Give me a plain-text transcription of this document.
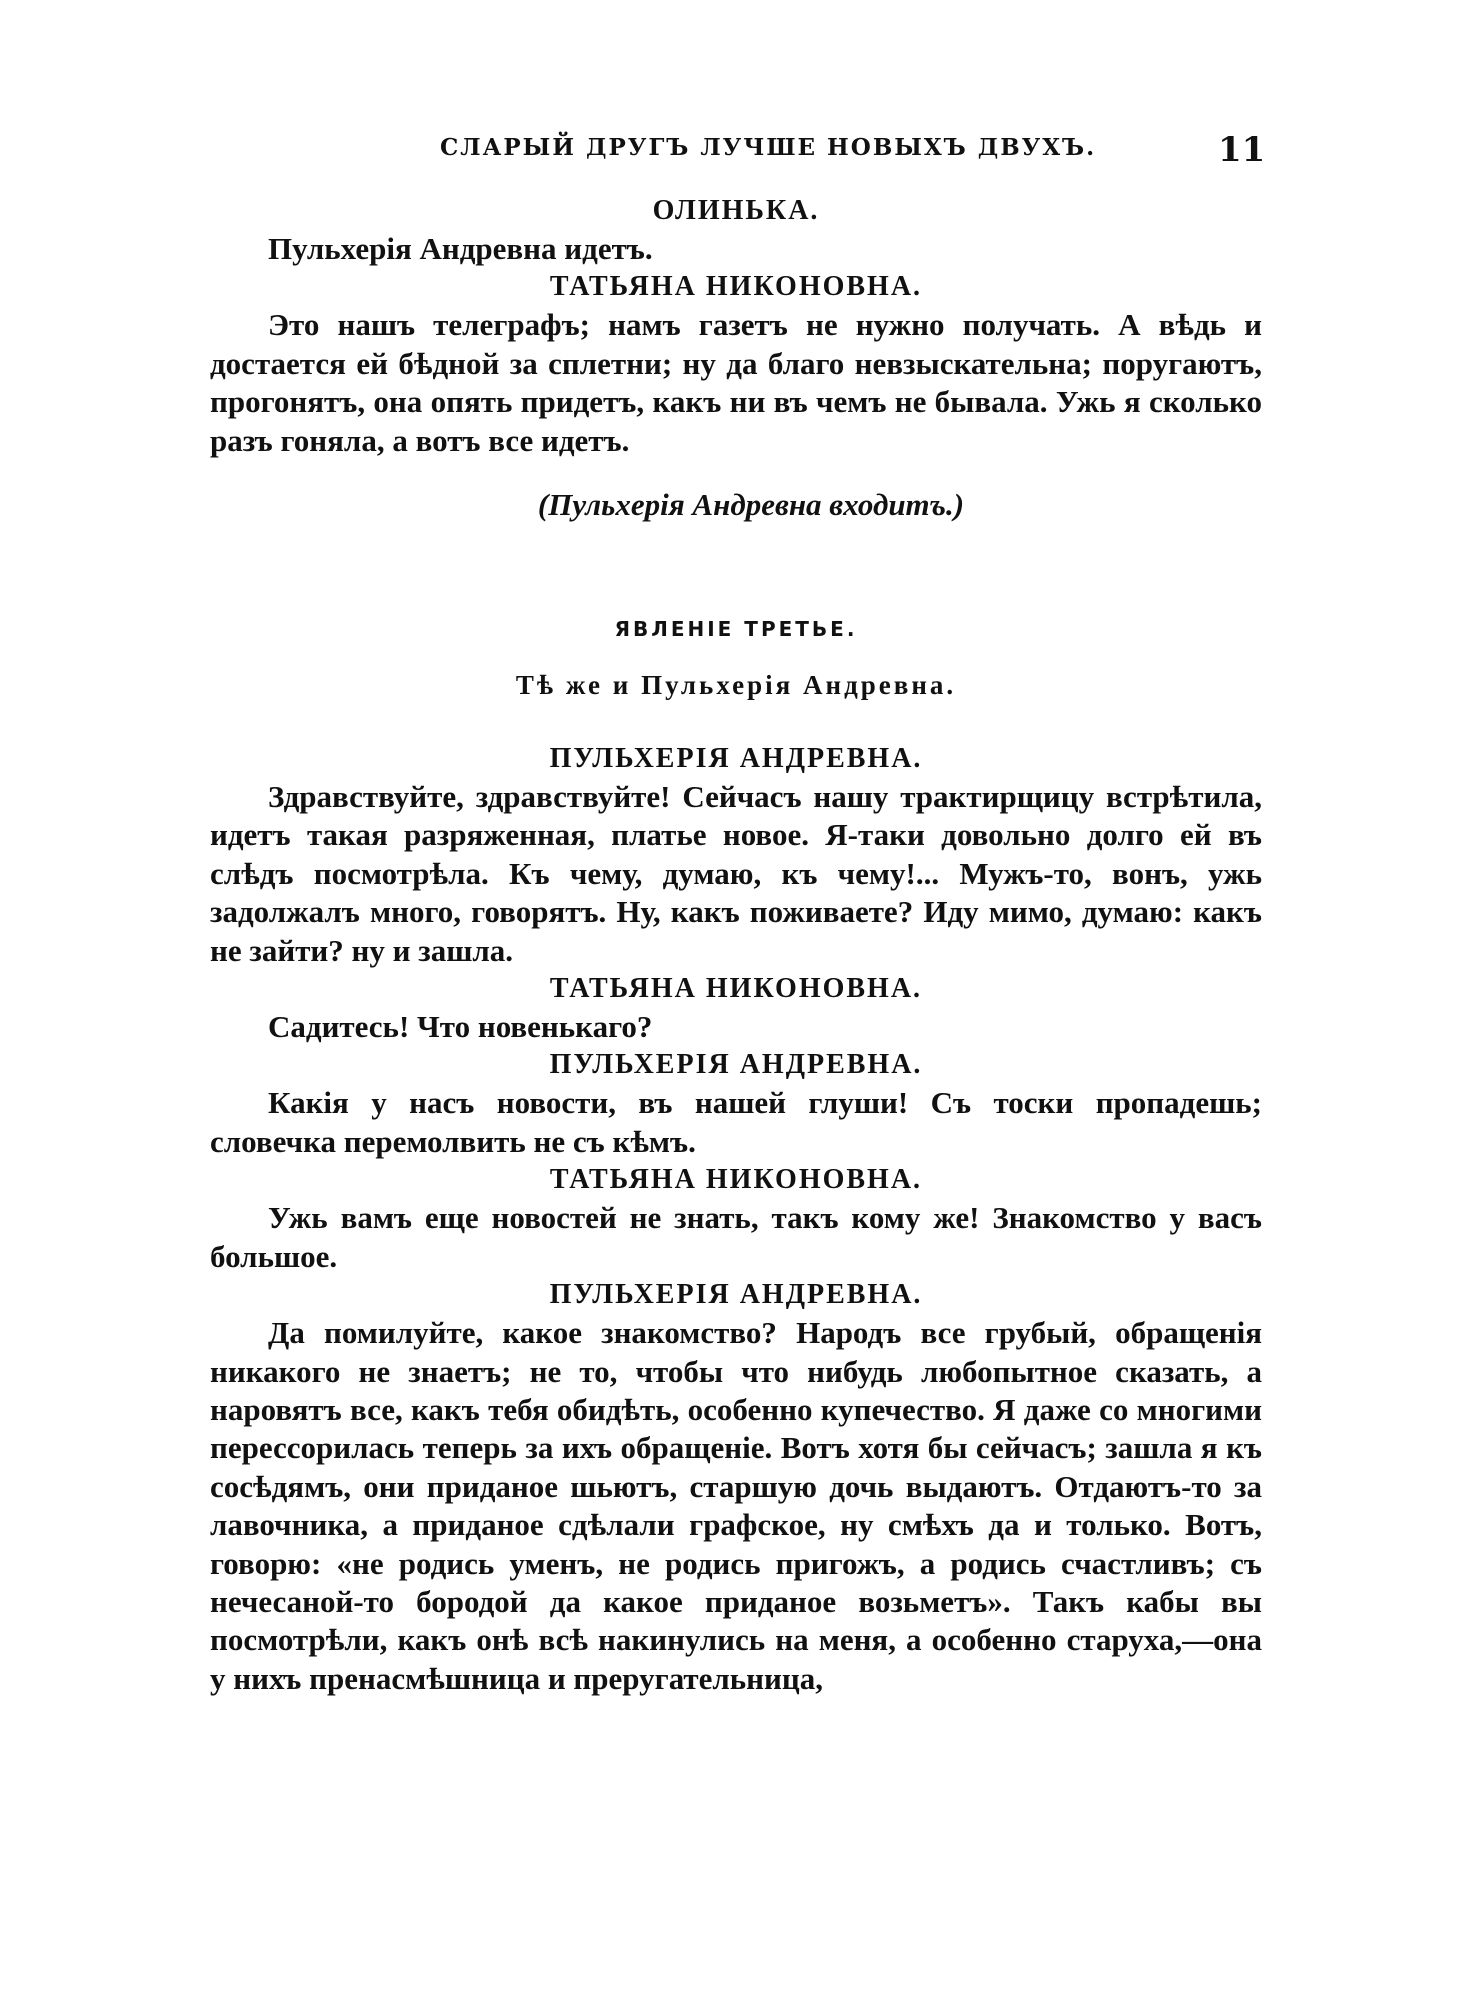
СЛАРЫЙ ДРУГЪ ЛУЧШЕ НОВЫХЪ ДВУХЪ.	11
ОЛИНЬКА.

Пульхерія Андревна идетъ.

ТАТЬЯНА НИКОНОВНА.

Это нашъ телеграфъ; намъ газетъ не нужно получать. А вѣдь и достается ей бѣдной за сплетни; ну да благо невзыскательна; поругаютъ, прогонятъ, она опять придетъ, какъ ни въ чемъ не бывала. Ужь я сколько разъ гоняла, а вотъ все идетъ.

(Пульхерія Андревна входитъ.)
ЯВЛЕНІЕ ТРЕТЬЕ.
Тѣ же и Пульхерія Андревна.
ПУЛЬХЕРІЯ АНДРЕВНА.

Здравствуйте, здравствуйте! Сейчасъ нашу трактирщицу встрѣтила, идетъ такая разряженная, платье новое. Я-таки довольно долго ей въ слѣдъ посмотрѣла. Къ чему, думаю, къ чему!... Мужъ-то, вонъ, ужь задолжалъ много, говорятъ. Ну, какъ поживаете? Иду мимо, думаю: какъ не зайти? ну и зашла.

ТАТЬЯНА НИКОНОВНА.

Садитесь! Что новенькаго?

ПУЛЬХЕРІЯ АНДРЕВНА.

Какія у насъ новости, въ нашей глуши! Съ тоски пропадешь; словечка перемолвить не съ кѣмъ.

ТАТЬЯНА НИКОНОВНА.

Ужь вамъ еще новостей не знать, такъ кому же! Знакомство у васъ большое.

ПУЛЬХЕРІЯ АНДРЕВНА.

Да помилуйте, какое знакомство? Народъ все грубый, обращенія никакого не знаетъ; не то, чтобы что нибудь любопытное сказать, а наровятъ все, какъ тебя обидѣть, особенно купечество. Я даже со многими перессорилась теперь за ихъ обращеніе. Вотъ хотя бы сейчасъ; зашла я къ сосѣдямъ, они приданое шьютъ, старшую дочь выдаютъ. Отдаютъ-то за лавочника, а приданое сдѣлали графское, ну смѣхъ да и только. Вотъ, говорю: «не родись уменъ, не родись пригожъ, а родись счастливъ; съ нечесаной-то бородой да какое приданое возьметъ». Такъ кабы вы посмотрѣли, какъ онѣ всѣ накинулись на меня, а особенно старуха,—она у нихъ пренасмѣшница и преругательница,
